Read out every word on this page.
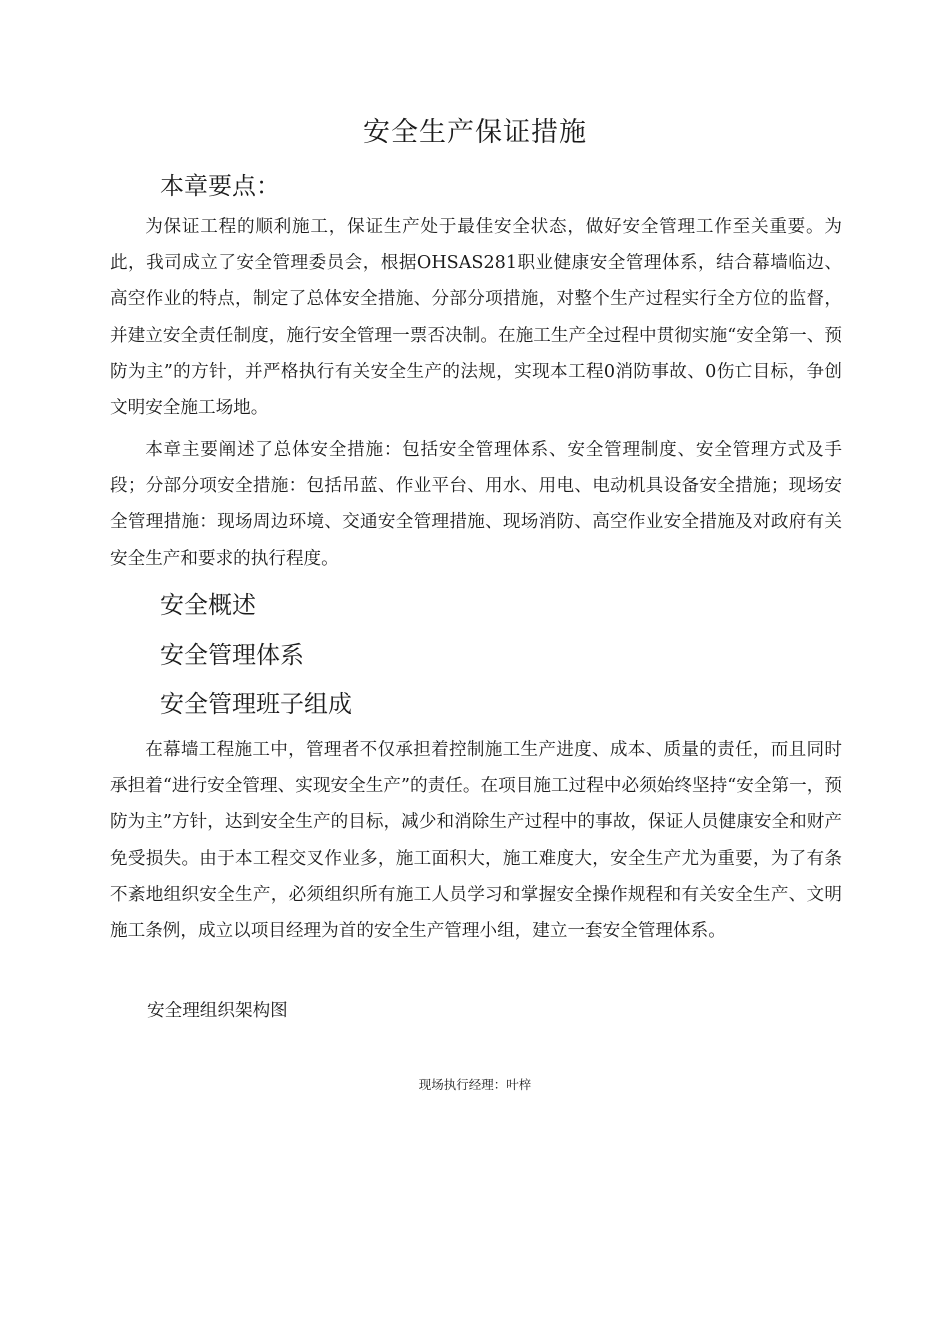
安全生产保证措施
本章要点：

为保证工程的顺利施工，保证生产处于最佳安全状态，做好安全管理工作至关重要。为此，我司成立了安全管理委员会，根据OHSAS281职业健康安全管理体系，结合幕墙临边、高空作业的特点，制定了总体安全措施、分部分项措施，对整个生产过程实行全方位的监督，并建立安全责任制度，施行安全管理一票否决制。在施工生产全过程中贯彻实施“安全第一、预防为主”的方针，并严格执行有关安全生产的法规，实现本工程0消防事故、0伤亡目标，争创文明安全施工场地。

本章主要阐述了总体安全措施：包括安全管理体系、安全管理制度、安全管理方式及手段；分部分项安全措施：包括吊蓝、作业平台、用水、用电、电动机具设备安全措施；现场安全管理措施：现场周边环境、交通安全管理措施、现场消防、高空作业安全措施及对政府有关安全生产和要求的执行程度。

安全概述
安全管理体系
安全管理班子组成

在幕墙工程施工中，管理者不仅承担着控制施工生产进度、成本、质量的责任，而且同时承担着“进行安全管理、实现安全生产”的责任。在项目施工过程中必须始终坚持“安全第一，预防为主”方针，达到安全生产的目标，减少和消除生产过程中的事故，保证人员健康安全和财产免受损失。由于本工程交叉作业多，施工面积大，施工难度大，安全生产尤为重要，为了有条不紊地组织安全生产，必须组织所有施工人员学习和掌握安全操作规程和有关安全生产、文明施工条例，成立以项目经理为首的安全生产管理小组，建立一套安全管理体系。

安全理组织架构图
现场执行经理：叶梓
